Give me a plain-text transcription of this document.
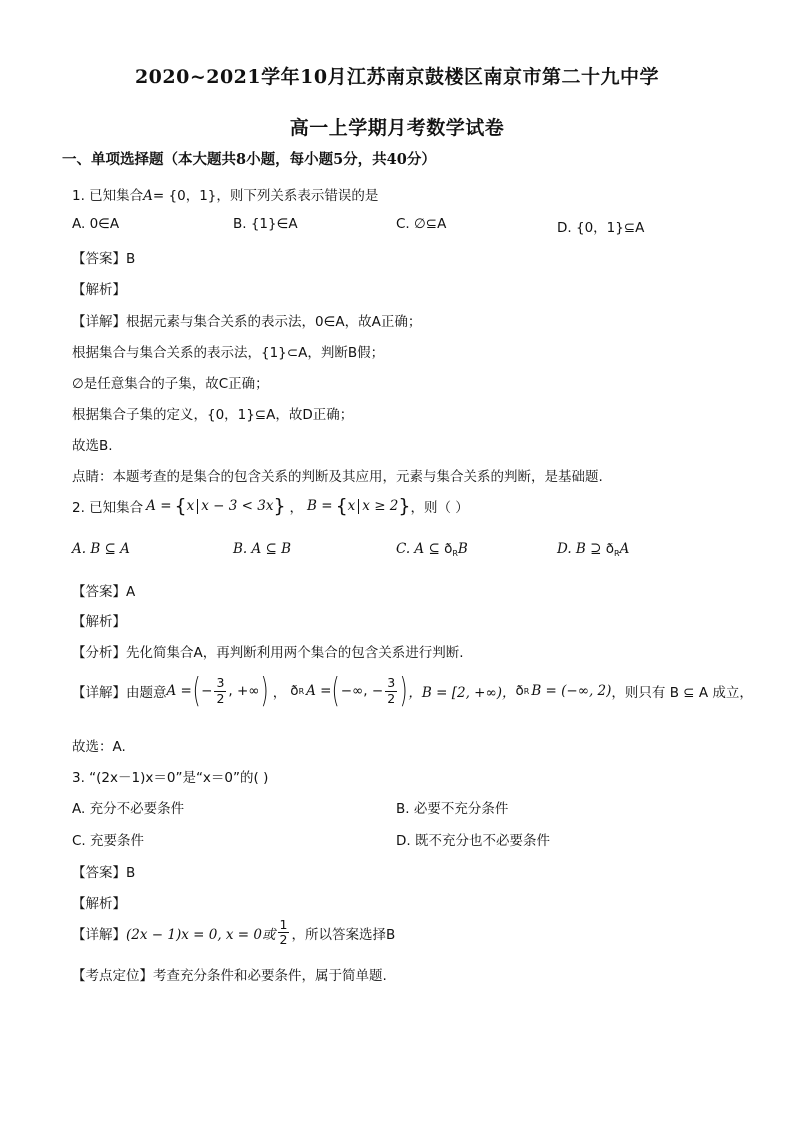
2020~2021学年10月江苏南京鼓楼区南京市第二十九中学
高一上学期月考数学试卷
一、单项选择题（本大题共8小题，每小题5分，共40分）
1. 已知集合A= {0，1}，则下列关系表示错误的是
A. 0∈A	B. {1}∈A	C. ∅⊆A	D. {0，1}⊆A
【答案】B
【解析】
【详解】根据元素与集合关系的表示法，0∈A，故A正确；
根据集合与集合关系的表示法，{1}⊂A，判断B假；
∅是任意集合的子集，故C正确；
根据集合子集的定义，{0，1}⊆A，故D正确；
故选B.
点睛：本题考查的是集合的包含关系的判断及其应用，元素与集合关系的判断，是基础题.
2. 已知集合 A = { x x − 3 < 3x } ， B = { x x ≥ 2 } ，则（ ）
A. B ⊆ A	B. A ⊆ B	C. A ⊆ $ð_RB$	D. B ⊇ $ð_RA$
【答案】A
【解析】
【分析】先化简集合A，再判断利用两个集合的包含关系进行判断.
【详解】由题意 A = ( − $\frac{3}{2}$ , +∞ ) ， ð R A = ( −∞, − $\frac{3}{2}$ ) ，B = [2, +∞)， ð R B = (−∞, 2) ，则只有 B ⊆ A 成立，
故选：A.
3. “(2x－1)x＝0”是“x＝0”的( )
A. 充分不必要条件	B. 必要不充分条件
C. 充要条件	D. 既不充分也不必要条件
【答案】B
【解析】
【详解】 (2x − 1)x = 0, x = 0或 $\frac{1}{2}$ ，所以答案选择B
【考点定位】考查充分条件和必要条件，属于简单题.
